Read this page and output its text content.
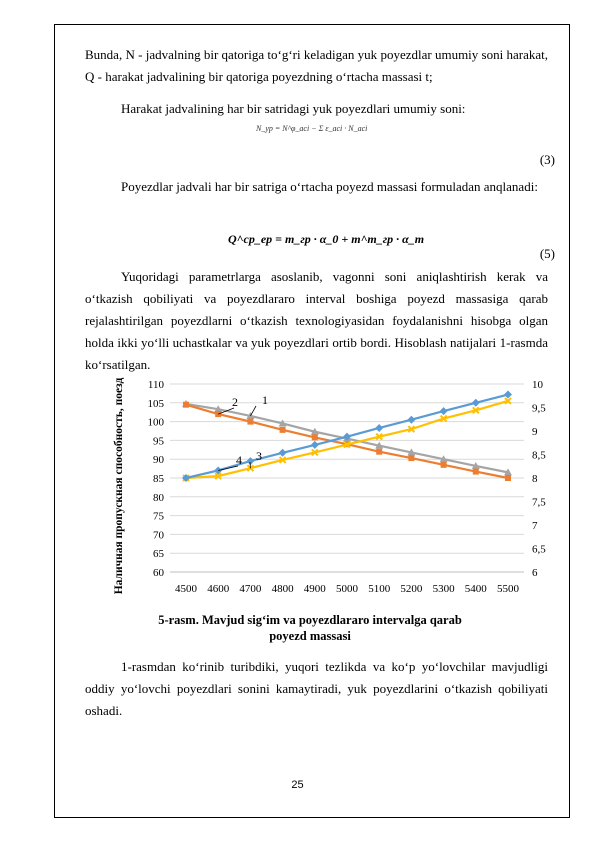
Bunda, N - jadvalning bir qatoriga to‘g‘ri keladigan yuk poyezdlar umumiy soni harakat, Q - harakat jadvalining bir qatoriga poyezdning o‘rtacha massasi t;

Harakat jadvalining har bir satridagi yuk poyezdlari umumiy soni:
N_yp = N^φ_aci − Σ ε_aci · N_aci
(3)

Poyezdlar jadvali har bir satriga o‘rtacha poyezd massasi formuladan anqlanadi:

Q^cp_ep = m_гр · α_0 + m^т_гр · α_т
(5)

Yuqoridagi parametrlarga asoslanib, vagonni soni aniqlashtirish kerak va o‘tkazish qobiliyati va poyezdlararo interval boshiga poyezd massasiga qarab rejalashtirilgan poyezdlarni o‘tkazish texnologiyasidan foydalanishni hisobga olgan holda ikki yo‘lli uchastkalar va yuk poyezdlari ortib bordi. Hisoblash natijalari 1-rasmda ko‘rsatilgan.

60
65
70
75
80
85
90
95
100
105
110
6
6,5
7
7,5
8
8,5
9
9,5
10
4500 4600 4700 4800 4900 5000 5100 5200 5300 5400 5500
1
2
3
4
Наличная пропускная способность, поезд
5-rasm. Mavjud sig‘im va poyezdlararo intervalga qarab
poyezd massasi

1-rasmdan ko‘rinib turibdiki, yuqori tezlikda va ko‘p yo‘lovchilar mavjudligi oddiy yo‘lovchi poyezdlari sonini kamaytiradi, yuk poyezdlarini o‘tkazish qobiliyati oshadi.

25
